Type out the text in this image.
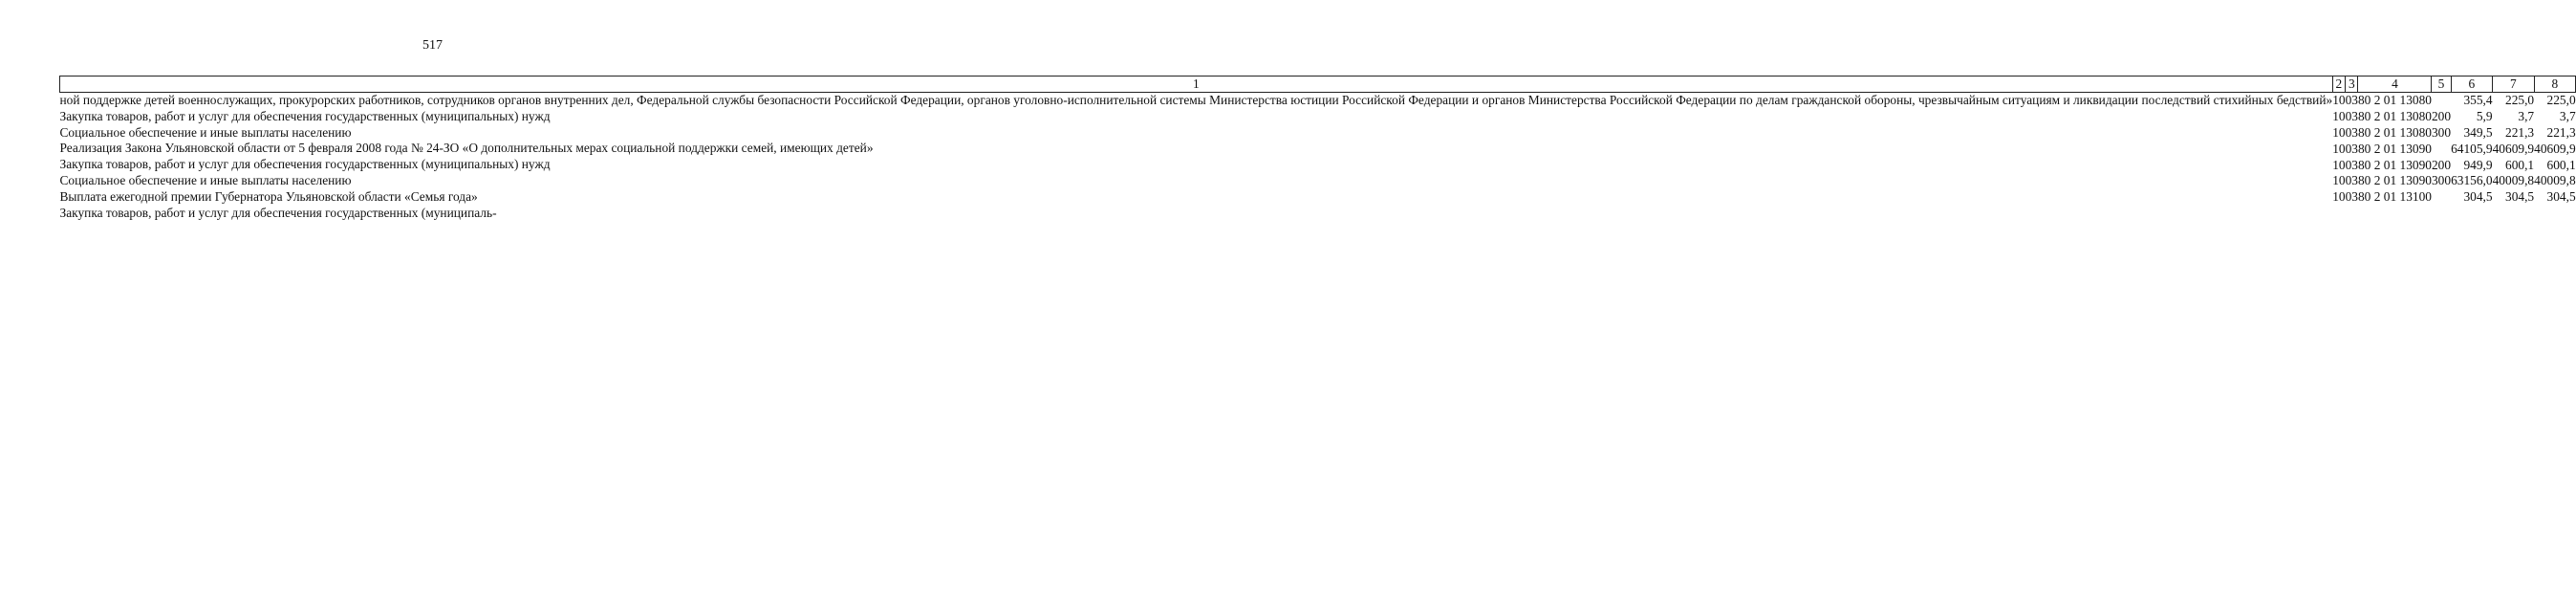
517
1	2	3	4	5	6	7	8
ной поддержке детей военнослужащих, прокурорских работников, сотрудников органов внутренних дел, Федеральной службы безопасности Российской Федерации, органов уголовно-исполнительной системы Министерства юстиции Российской Федерации и органов Министерства Российской Федерации по делам гражданской обороны, чрезвычайным ситуациям и ликвидации последствий стихийных бедствий»	10	03	80 2 01 13080		355,4	225,0	225,0
Закупка товаров, работ и услуг для обеспечения государственных (муниципальных) нужд	10	03	80 2 01 13080	200	5,9	3,7	3,7
Социальное обеспечение и иные выплаты населению	10	03	80 2 01 13080	300	349,5	221,3	221,3
Реализация Закона Ульяновской области от 5 февраля 2008 года № 24-ЗО «О дополнительных мерах социальной поддержки семей, имеющих детей»	10	03	80 2 01 13090		64105,9	40609,9	40609,9
Закупка товаров, работ и услуг для обеспечения государственных (муниципальных) нужд	10	03	80 2 01 13090	200	949,9	600,1	600,1
Социальное обеспечение и иные выплаты населению	10	03	80 2 01 13090	300	63156,0	40009,8	40009,8
Выплата ежегодной премии Губернатора Ульяновской области «Семья года»	10	03	80 2 01 13100		304,5	304,5	304,5
Закупка товаров, работ и услуг для обеспечения государственных (муниципаль-							
